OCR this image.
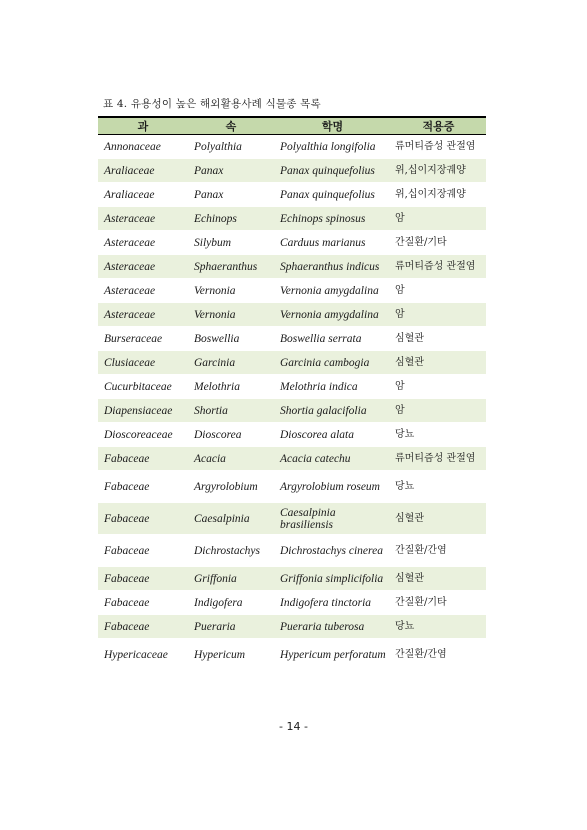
표 4. 유용성이 높은 해외활용사례 식물종 목록
과	속	학명	적용증
Annonaceae	Polyalthia	Polyalthia longifolia	류머티즘성 관절염
Araliaceae	Panax	Panax quinquefolius	위,십이지장궤양
Araliaceae	Panax	Panax quinquefolius	위,십이지장궤양
Asteraceae	Echinops	Echinops spinosus	암
Asteraceae	Silybum	Carduus marianus	간질환/기타
Asteraceae	Sphaeranthus	Sphaeranthus indicus	류머티즘성 관절염
Asteraceae	Vernonia	Vernonia amygdalina	암
Asteraceae	Vernonia	Vernonia amygdalina	암
Burseraceae	Boswellia	Boswellia serrata	심혈관
Clusiaceae	Garcinia	Garcinia cambogia	심혈관
Cucurbitaceae	Melothria	Melothria indica	암
Diapensiaceae	Shortia	Shortia galacifolia	암
Dioscoreaceae	Dioscorea	Dioscorea alata	당뇨
Fabaceae	Acacia	Acacia catechu	류머티즘성 관절염
Fabaceae	Argyrolobium	Argyrolobium roseum	당뇨
Fabaceae	Caesalpinia	Caesalpinia brasiliensis	심혈관
Fabaceae	Dichrostachys	Dichrostachys cinerea	간질환/간염
Fabaceae	Griffonia	Griffonia simplicifolia	심혈관
Fabaceae	Indigofera	Indigofera tinctoria	간질환/기타
Fabaceae	Pueraria	Pueraria tuberosa	당뇨
Hypericaceae	Hypericum	Hypericum perforatum	간질환/간염
- 14 -
